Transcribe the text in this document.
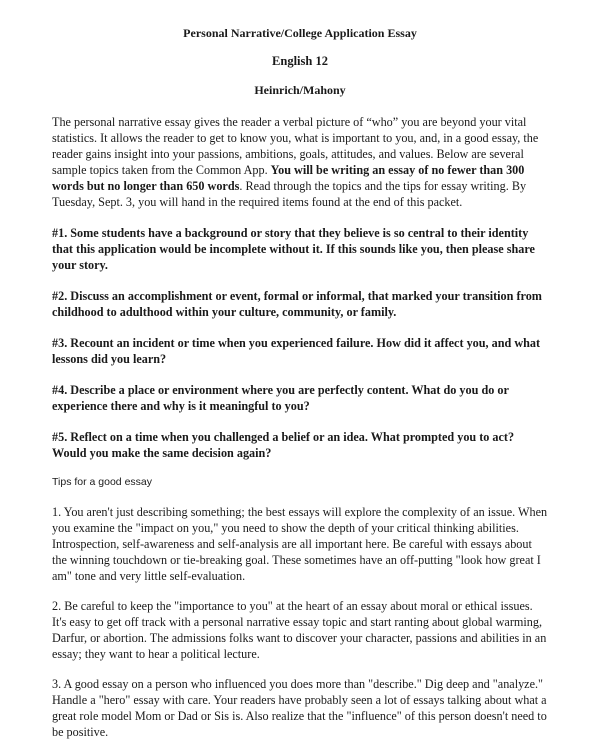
Personal Narrative/College Application Essay
English 12
Heinrich/Mahony

The personal narrative essay gives the reader a verbal picture of “who” you are beyond your vital statistics. It allows the reader to get to know you, what is important to you, and, in a good essay, the reader gains insight into your passions, ambitions, goals, attitudes, and values. Below are several sample topics taken from the Common App. You will be writing an essay of no fewer than 300 words but no longer than 650 words. Read through the topics and the tips for essay writing. By Tuesday, Sept. 3, you will hand in the required items found at the end of this packet.

#1. Some students have a background or story that they believe is so central to their identity that this application would be incomplete without it. If this sounds like you, then please share your story.

#2. Discuss an accomplishment or event, formal or informal, that marked your transition from childhood to adulthood within your culture, community, or family.

#3. Recount an incident or time when you experienced failure. How did it affect you, and what lessons did you learn?

#4. Describe a place or environment where you are perfectly content. What do you do or experience there and why is it meaningful to you?

#5. Reflect on a time when you challenged a belief or an idea. What prompted you to act? Would you make the same decision again?

Tips for a good essay

1. You aren't just describing something; the best essays will explore the complexity of an issue. When you examine the "impact on you," you need to show the depth of your critical thinking abilities. Introspection, self-awareness and self-analysis are all important here. Be careful with essays about the winning touchdown or tie-breaking goal. These sometimes have an off-putting "look how great I am" tone and very little self-evaluation.

2. Be careful to keep the "importance to you" at the heart of an essay about moral or ethical issues. It's easy to get off track with a personal narrative essay topic and start ranting about global warming, Darfur, or abortion. The admissions folks want to discover your character, passions and abilities in an essay; they want to hear a political lecture.

3. A good essay on a person who influenced you does more than "describe." Dig deep and "analyze." Handle a "hero" essay with care. Your readers have probably seen a lot of essays talking about what a great role model Mom or Dad or Sis is. Also realize that the "influence" of this person doesn't need to be positive.
